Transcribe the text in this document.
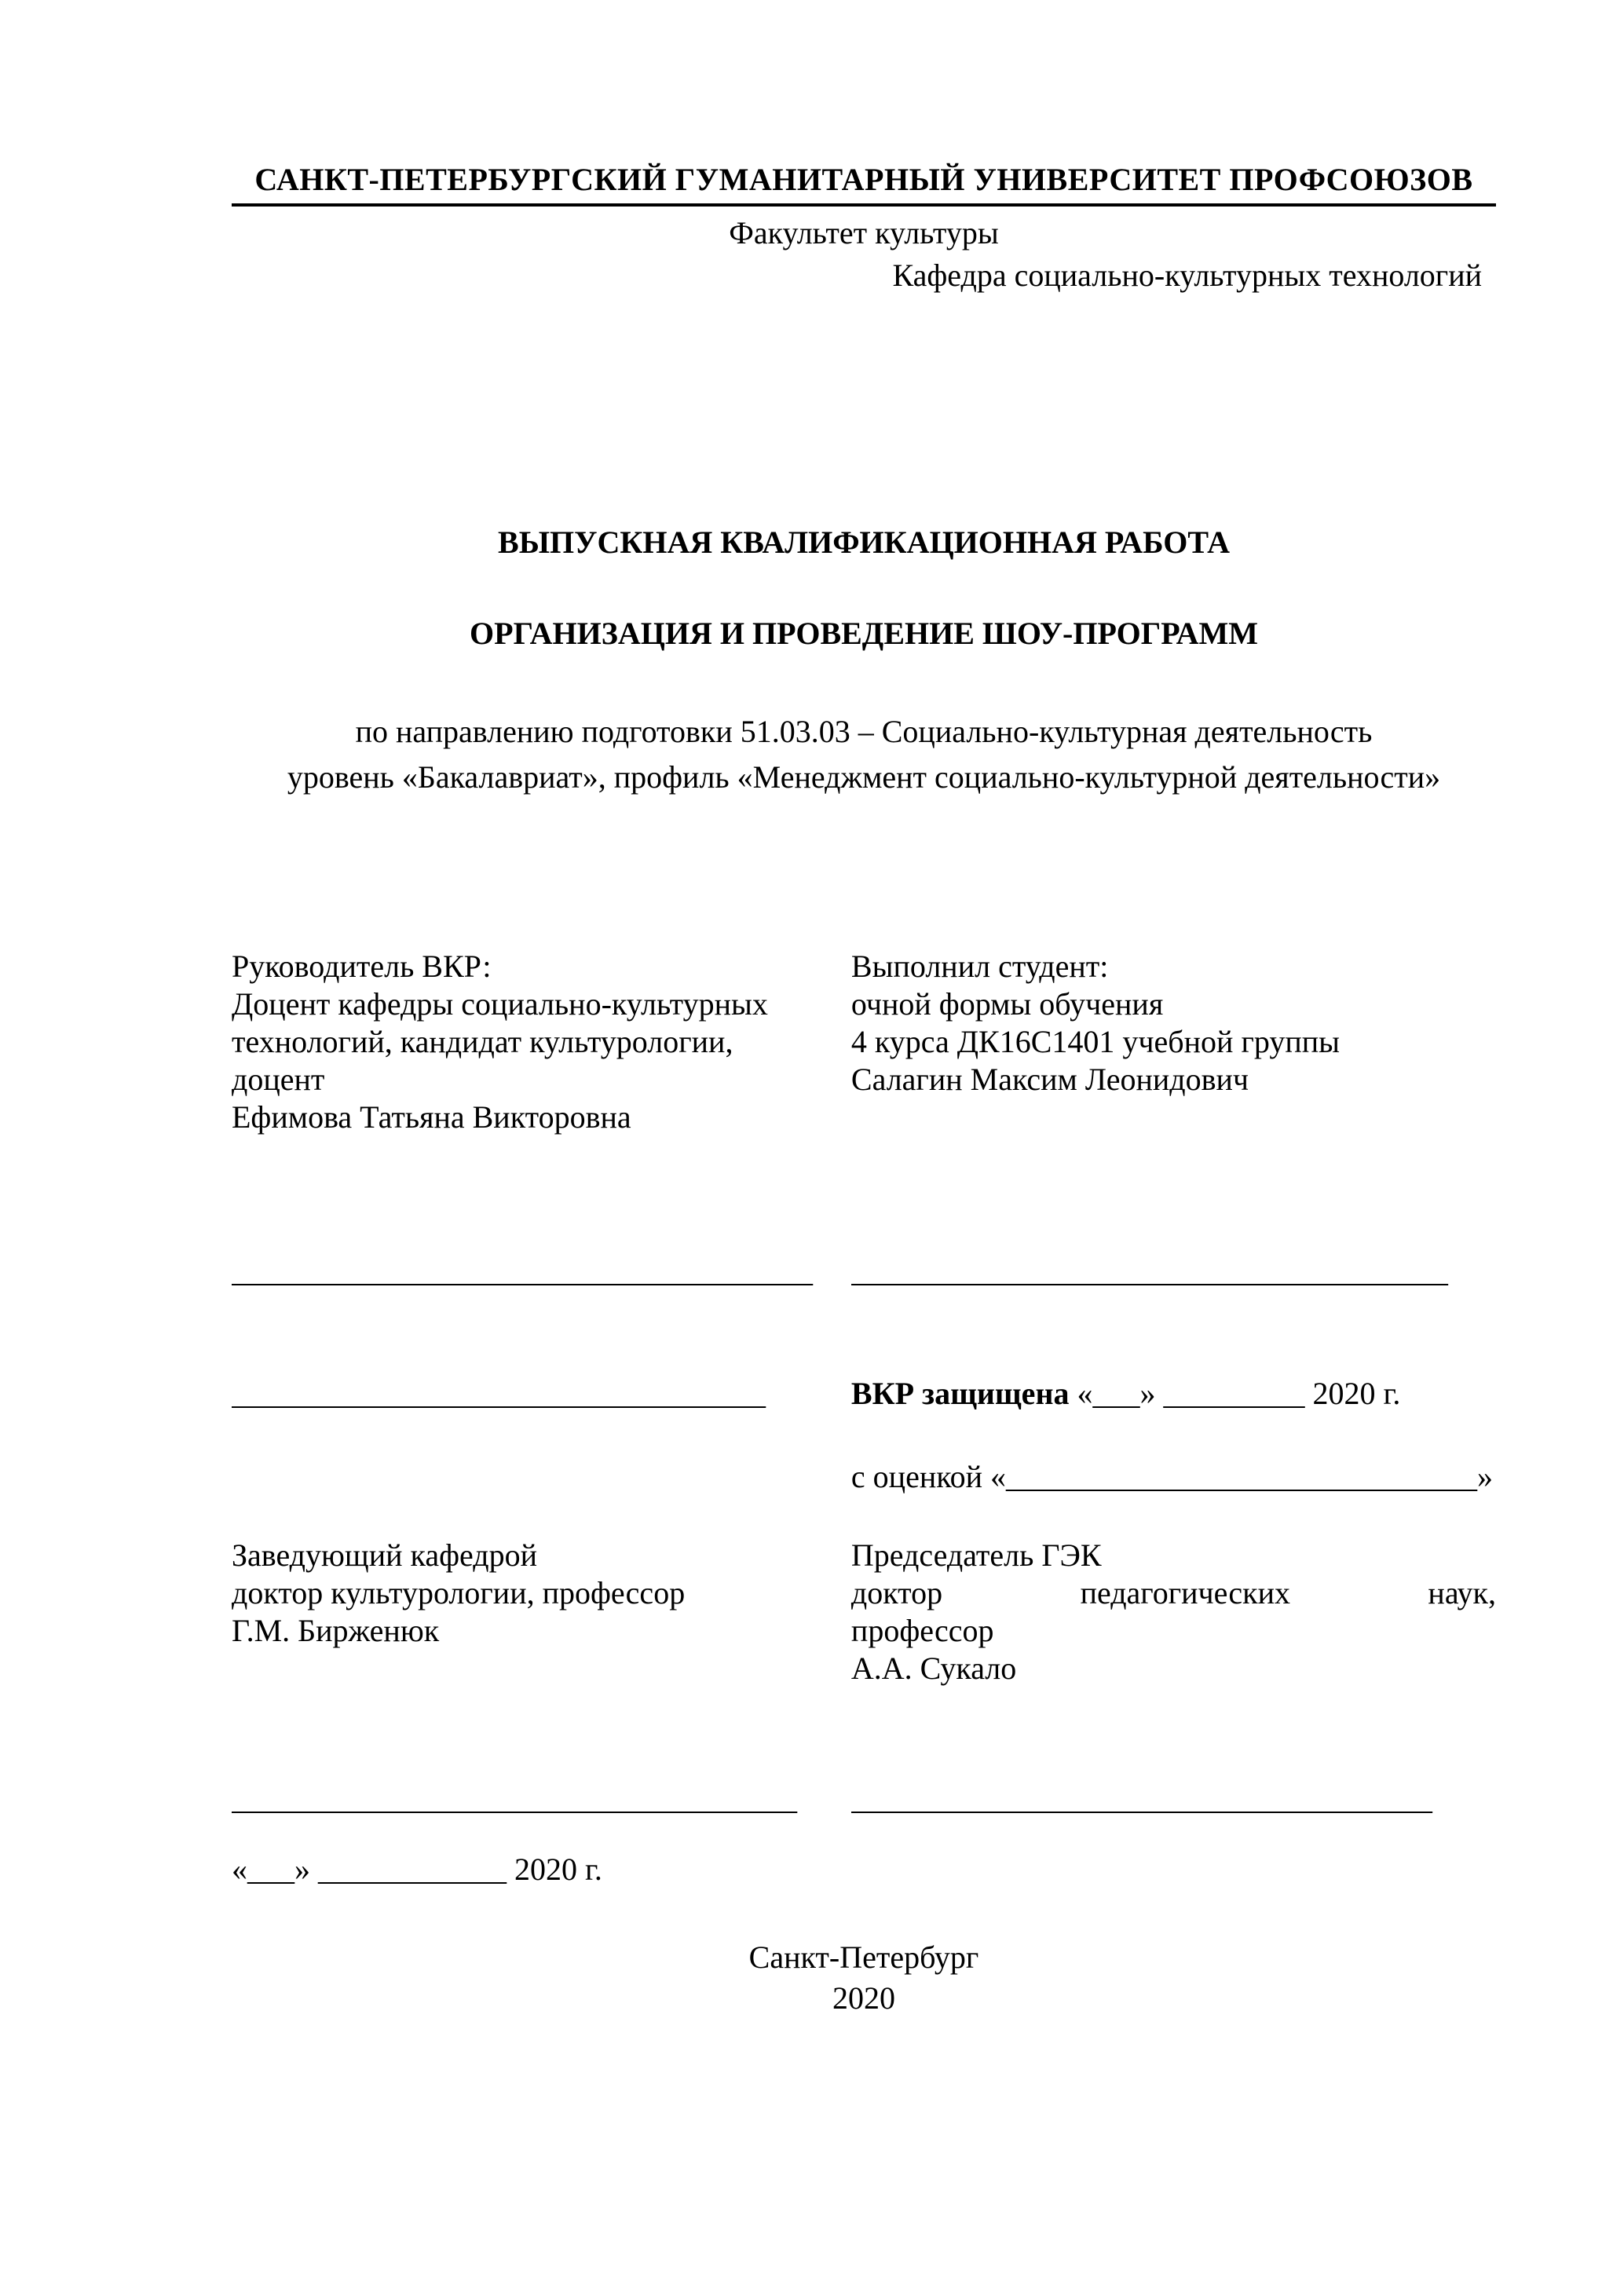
САНКТ-ПЕТЕРБУРГСКИЙ ГУМАНИТАРНЫЙ УНИВЕРСИТЕТ ПРОФСОЮЗОВ
Факультет культуры
Кафедра социально-культурных технологий
ВЫПУСКНАЯ КВАЛИФИКАЦИОННАЯ РАБОТА
ОРГАНИЗАЦИЯ И ПРОВЕДЕНИЕ ШОУ-ПРОГРАММ
по направлению подготовки 51.03.03 – Социально-культурная деятельность
уровень «Бакалавриат», профиль «Менеджмент социально-культурной деятельности»
Руководитель ВКР:
Доцент кафедры социально-культурных технологий, кандидат культурологии, доцент
Ефимова Татьяна Викторовна
Выполнил студент:
очной формы обучения
4 курса ДК16С1401 учебной группы
Салагин Максим Леонидович
_____________________________________ ______________________________________
__________________________________	ВКР защищена «___» _________ 2020 г.
с оценкой «______________________________»
Заведующий кафедрой
доктор культурологии, профессор
Г.М. Бирженюк
Председатель ГЭК
доктор педагогических наук,
профессор
А.А. Сукало
____________________________________	_____________________________________
«___» ____________ 2020 г.
Санкт-Петербург
2020
